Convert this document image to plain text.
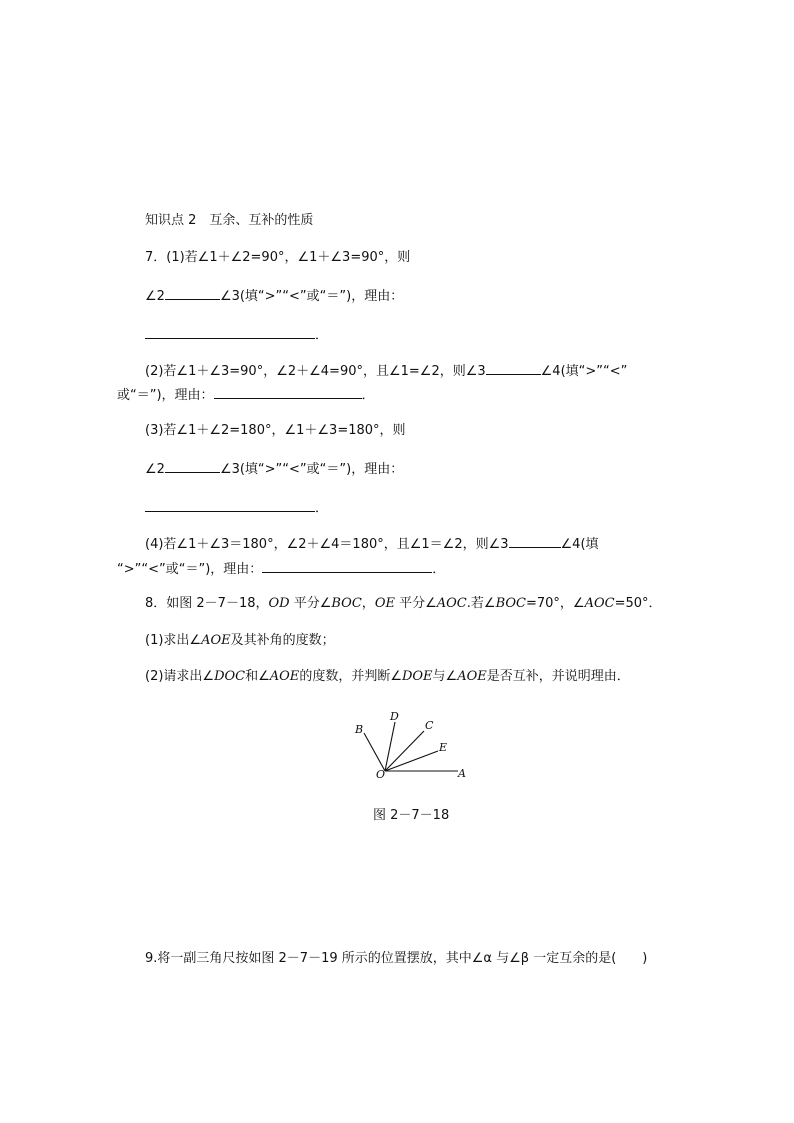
知识点 2　互余、互补的性质
7．(1)若∠1＋∠2=90°，∠1＋∠3=90°，则
∠2	∠3(填“>”“<”或“＝”)，理由：
．
(2)若∠1＋∠3=90°，∠2＋∠4=90°，且∠1=∠2，则∠3	∠4(填“>”“<”
或“＝”)，理由：	．
(3)若∠1＋∠2=180°，∠1＋∠3=180°，则
∠2	∠3(填“>”“<”或“＝”)，理由：
．
(4)若∠1＋∠3＝180°，∠2＋∠4＝180°，且∠1＝∠2，则∠3	∠4(填
“>”“<”或“＝”)，理由：	．
8．如图 2－7－18，OD 平分∠BOC，OE 平分∠AOC.若∠BOC=70°，∠AOC=50°．
(1)求出∠AOE及其补角的度数；
(2)请求出∠DOC和∠AOE的度数，并判断∠DOE与∠AOE是否互补，并说明理由．
B
D
C
E
O	A
图 2－7－18
9.将一副三角尺按如图 2－7－19 所示的位置摆放，其中∠α 与∠β 一定互余的是(　　)
